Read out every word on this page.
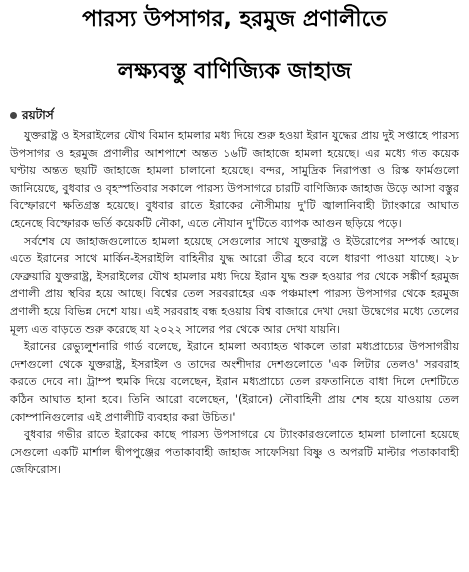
পারস্য উপসাগর, হরমুজ প্রণালীতে
লক্ষ্যবস্তু বাণিজ্যিক জাহাজ
রয়টার্স

যুক্তরাষ্ট্র ও ইসরাইলের যৌথ বিমান হামলার মধ্য দিয়ে শুরু হওয়া ইরান যুদ্ধের প্রায় দুই সপ্তাহে পারস্য উপসাগর ও হরমুজ প্রণালীর আশপাশে অন্তত ১৬টি জাহাজে হামলা হয়েছে। এর মধ্যে গত কয়েক ঘণ্টায় অন্তত ছয়টি জাহাজে হামলা চালানো হয়েছে। বন্দর, সামুদ্রিক নিরাপত্তা ও রিস্ক ফার্মগুলো জানিয়েছে, বুধবার ও বৃহস্পতিবার সকালে পারস্য উপসাগরে চারটি বাণিজ্যিক জাহাজ উড়ে আসা বস্তুর বিস্ফোরণে ক্ষতিগ্রস্ত হয়েছে। বুধবার রাতে ইরাকের নৌসীমায় দু'টি জ্বালানিবাহী ট্যাংকারে আঘাত হেনেছে বিস্ফোরক ভর্তি কয়েকটি নৌকা, এতে নৌযান দু'টিতে ব্যাপক আগুন ছড়িয়ে পড়ে।

সর্বশেষ যে জাহাজগুলোতে হামলা হয়েছে সেগুলোর সাথে যুক্তরাষ্ট্র ও ইউরোপের সম্পর্ক আছে। এতে ইরানের সাথে মার্কিন-ইসরাইলি বাহিনীর যুদ্ধ আরো তীব্র হবে বলে ধারণা পাওয়া যাচ্ছে। ২৮ ফেব্রুয়ারি যুক্তরাষ্ট্র, ইসরাইলের যৌথ হামলার মধ্য দিয়ে ইরান যুদ্ধ শুরু হওয়ার পর থেকে সঙ্কীর্ণ হরমুজ প্রণালী প্রায় স্থবির হয়ে আছে। বিশ্বের তেল সরবরাহের এক পঞ্চমাংশ পারস্য উপসাগর থেকে হরমুজ প্রণালী হয়ে বিভিন্ন দেশে যায়। এই সরবরাহ বন্ধ হওয়ায় বিশ্ব বাজারে দেখা দেয়া উদ্বেগের মধ্যে তেলের মূল্য এত বাড়তে শুরু করেছে যা ২০২২ সালের পর থেকে আর দেখা যায়নি।

ইরানের রেভ্যুলুশনারি গার্ড বলেছে, ইরানে হামলা অব্যাহত থাকলে তারা মধ্যপ্রাচ্যের উপসাগরীয় দেশগুলো থেকে যুক্তরাষ্ট্র, ইসরাইল ও তাদের অংশীদার দেশগুলোতে 'এক লিটার তেলও' সরবরাহ করতে দেবে না। ট্রাম্প হুমকি দিয়ে বলেছেন, ইরান মধ্যপ্রাচ্যে তেল রফতানিতে বাধা দিলে দেশটিতে কঠিন আঘাত হানা হবে। তিনি আরো বলেছেন, '(ইরানে) নৌবাহিনী প্রায় শেষ হয়ে যাওয়ায় তেল কোম্পানিগুলোর এই প্রণালীটি ব্যবহার করা উচিত।'

বুধবার গভীর রাতে ইরাকের কাছে পারস্য উপসাগরে যে ট্যাংকারগুলোতে হামলা চালানো হয়েছে সেগুলো একটি মার্শাল দ্বীপপুঞ্জের পতাকাবাহী জাহাজ সাফেসিয়া বিষ্ণু ও অপরটি মাল্টার পতাকাবাহী জেফিরোস।
